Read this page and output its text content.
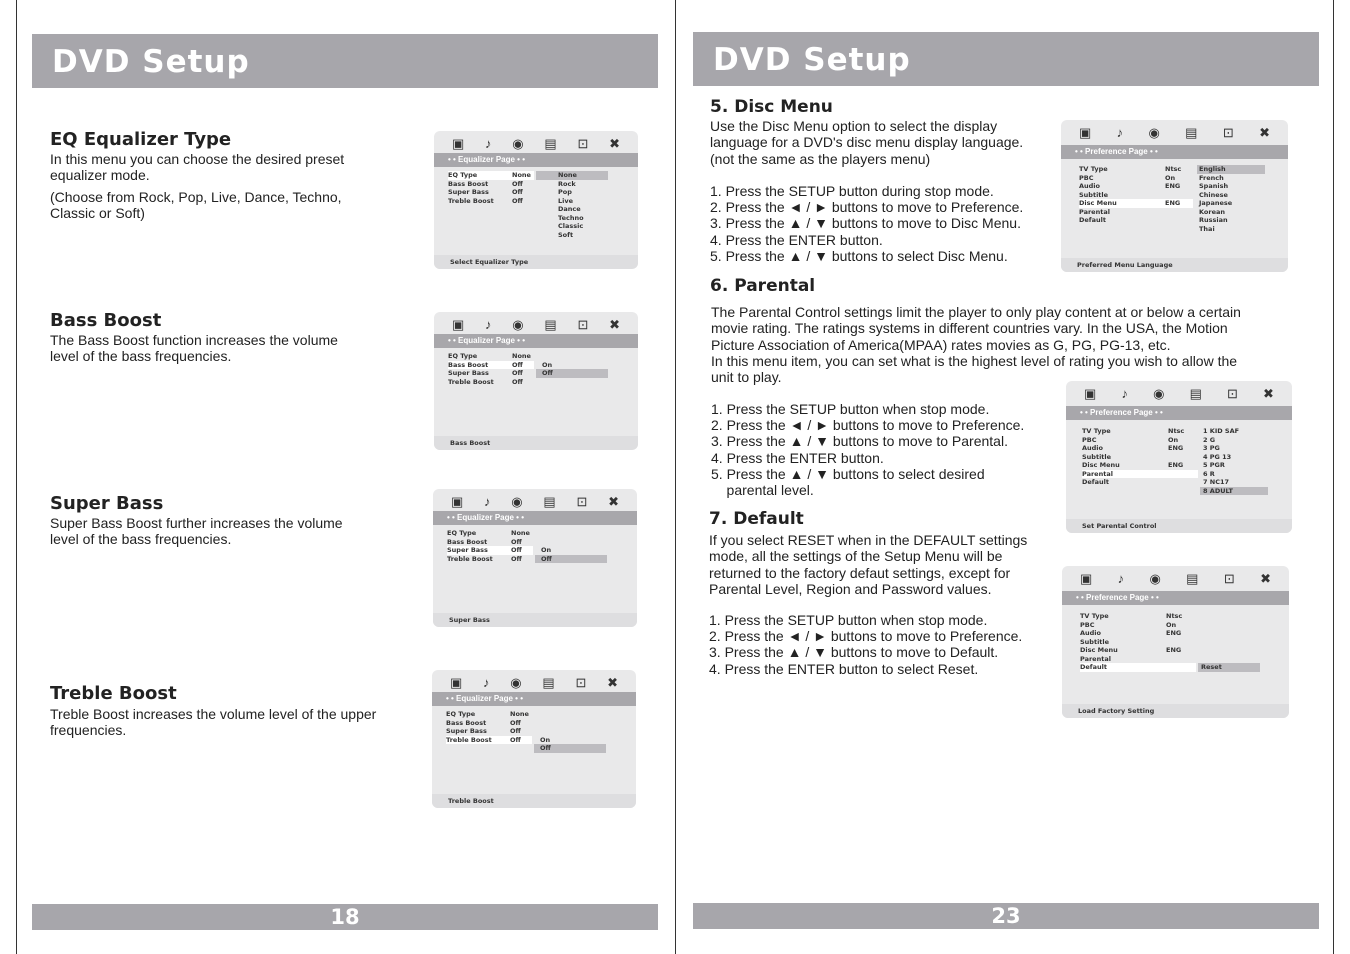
DVD Setup
EQ Equalizer Type

In this menu you can choose the desired preset
equalizer mode.

(Choose from Rock, Pop, Live, Dance, Techno,
Classic or Soft)

Bass Boost

The Bass Boost function increases the volume
level of the bass frequencies.

Super Bass

Super Bass Boost further increases the volume
level of the bass frequencies.

Treble Boost

Treble Boost increases the volume level of the upper
frequencies.

▣ ♪ ◉ ▤ ⊡ ✖
• • Equalizer Page • •
EQ Type
Bass Boost
Super Bass
Treble Boost
None
Off
Off
Off
None
Rock
Pop
Live
Dance
Techno
Classic
Soft
Select Equalizer Type
▣ ♪ ◉ ▤ ⊡ ✖
• • Equalizer Page • •
EQ Type
Bass Boost
Super Bass
Treble Boost
None
Off
Off
Off
On
Off
Bass Boost
▣ ♪ ◉ ▤ ⊡ ✖
• • Equalizer Page • •
EQ Type
Bass Boost
Super Bass
Treble Boost
None
Off
Off
Off
On
Off
Super Bass
▣ ♪ ◉ ▤ ⊡ ✖
• • Equalizer Page • •
EQ Type
Bass Boost
Super Bass
Treble Boost
None
Off
Off
Off	On
Off
Treble Boost
18
DVD Setup
5. Disc Menu

Use the Disc Menu option to select the display
language for a DVD's disc menu display language.
(not the same as the players menu)

1. Press the SETUP button during stop mode.
2. Press the ◄ / ► buttons to move to Preference.
3. Press the ▲ / ▼ buttons to move to Disc Menu.
4. Press the ENTER button.
5. Press the ▲ / ▼ buttons to select Disc Menu.
6. Parental

The Parental Control settings limit the player to only play content at or below a certain
movie rating. The ratings systems in different countries vary. In the USA, the Motion
Picture Association of America(MPAA) rates movies as G, PG, PG-13, etc.
In this menu item, you can set what is the highest level of rating you wish to allow the
unit to play.

1. Press the SETUP button when stop mode.
2. Press the ◄ / ► buttons to move to Preference.
3. Press the ▲ / ▼ buttons to move to Parental.
4. Press the ENTER button.
5. Press the ▲ / ▼ buttons to select desired
parental level.
7. Default

If you select RESET when in the DEFAULT settings
mode, all the settings of the Setup Menu will be
returned to the factory defaut settings, except for
Parental Level, Region and Password values.

1. Press the SETUP button when stop mode.
2. Press the ◄ / ► buttons to move to Preference.
3. Press the ▲ / ▼ buttons to move to Default.
4. Press the ENTER button to select Reset.
▣ ♪ ◉ ▤ ⊡ ✖
• • Preference Page • •
TV Type
PBC
Audio
Subtitle
Disc Menu
Parental
Default
Ntsc
On
ENG
ENG
English
French
Spanish
Chinese
Japanese
Korean
Russian
Thai
Preferred Menu Language
▣ ♪ ◉ ▤ ⊡ ✖
• • Preference Page • •
TV Type
PBC
Audio
Subtitle
Disc Menu
Parental
Default
Ntsc
On
ENG
ENG
1 KID SAF
2 G
3 PG
4 PG 13
5 PGR
6 R
7 NC17
8 ADULT
Set Parental Control
▣ ♪ ◉ ▤ ⊡ ✖
• • Preference Page • •
TV Type
PBC
Audio
Subtitle
Disc Menu
Parental
Default
Ntsc
On
ENG
ENG
Reset
Load Factory Setting
23
